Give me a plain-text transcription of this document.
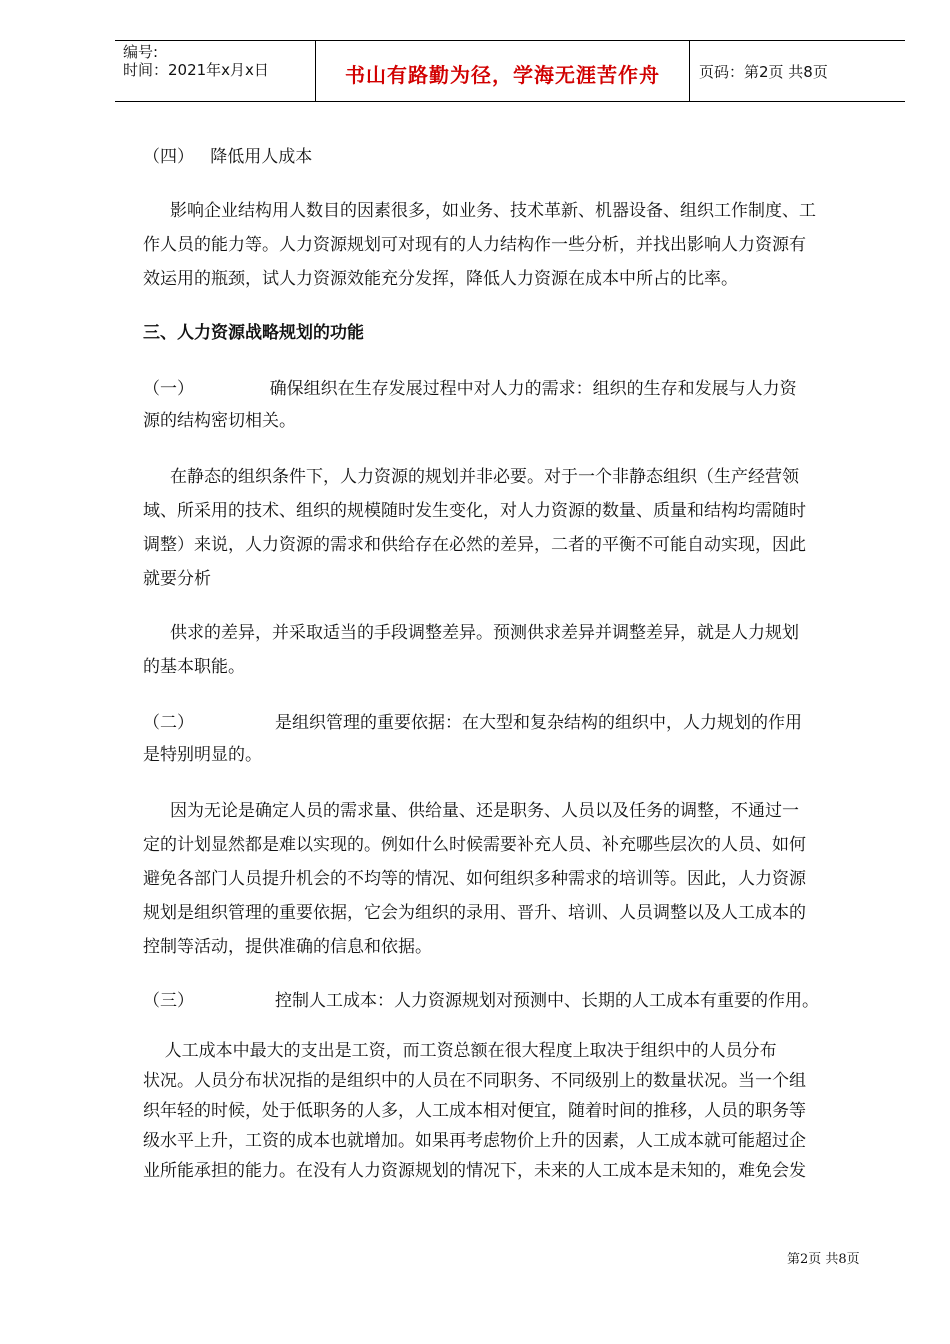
编号:
时间：2021年x月x日	书山有路勤为径，学海无涯苦作舟	页码：第2页 共8页
（四）   降低用人成本
影响企业结构用人数目的因素很多，如业务、技术革新、机器设备、组织工作制度、工
作人员的能力等。人力资源规划可对现有的人力结构作一些分析，并找出影响人力资源有
效运用的瓶颈，试人力资源效能充分发挥，降低人力资源在成本中所占的比率。
三、人力资源战略规划的功能
（一）              确保组织在生存发展过程中对人力的需求：组织的生存和发展与人力资
源的结构密切相关。
在静态的组织条件下，人力资源的规划并非必要。对于一个非静态组织（生产经营领
域、所采用的技术、组织的规模随时发生变化，对人力资源的数量、质量和结构均需随时
调整）来说，人力资源的需求和供给存在必然的差异，二者的平衡不可能自动实现，因此
就要分析
供求的差异，并采取适当的手段调整差异。预测供求差异并调整差异，就是人力规划
的基本职能。
（二）               是组织管理的重要依据：在大型和复杂结构的组织中，人力规划的作用
是特别明显的。
因为无论是确定人员的需求量、供给量、还是职务、人员以及任务的调整，不通过一
定的计划显然都是难以实现的。例如什么时候需要补充人员、补充哪些层次的人员、如何
避免各部门人员提升机会的不均等的情况、如何组织多种需求的培训等。因此，人力资源
规划是组织管理的重要依据，它会为组织的录用、晋升、培训、人员调整以及人工成本的
控制等活动，提供准确的信息和依据。
（三）               控制人工成本：人力资源规划对预测中、长期的人工成本有重要的作用。
人工成本中最大的支出是工资，而工资总额在很大程度上取决于组织中的人员分布
状况。人员分布状况指的是组织中的人员在不同职务、不同级别上的数量状况。当一个组
织年轻的时候，处于低职务的人多，人工成本相对便宜，随着时间的推移，人员的职务等
级水平上升，工资的成本也就增加。如果再考虑物价上升的因素，人工成本就可能超过企
业所能承担的能力。在没有人力资源规划的情况下，未来的人工成本是未知的，难免会发
第2页 共8页
